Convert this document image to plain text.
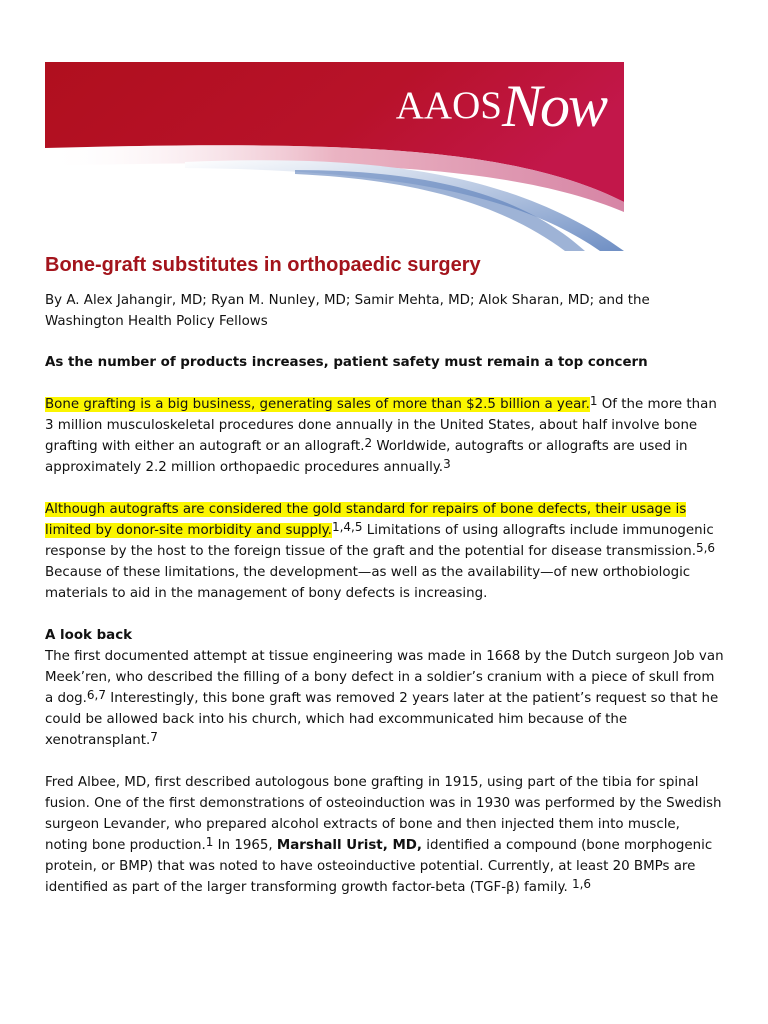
AAOSNow
Bone-graft substitutes in orthopaedic surgery

By A. Alex Jahangir, MD; Ryan M. Nunley, MD; Samir Mehta, MD; Alok Sharan, MD; and the Washington Health Policy Fellows

As the number of products increases, patient safety must remain a top concern

Bone grafting is a big business, generating sales of more than $2.5 billion a year.$^1$ Of the more than 3 million musculoskeletal procedures done annually in the United States, about half involve bone grafting with either an autograft or an allograft.$^2$ Worldwide, autografts or allografts are used in approximately 2.2 million orthopaedic procedures annually.$^3$

Although autografts are considered the gold standard for repairs of bone defects, their usage is limited by donor-site morbidity and supply.$^{1,4,5}$ Limitations of using allografts include immunogenic response by the host to the foreign tissue of the graft and the potential for disease transmission.$^{5,6}$ Because of these limitations, the development—as well as the availability—of new orthobiologic materials to aid in the management of bony defects is increasing.

A look back

The first documented attempt at tissue engineering was made in 1668 by the Dutch surgeon Job van Meek’ren, who described the filling of a bony defect in a soldier’s cranium with a piece of skull from a dog.$^{6,7}$ Interestingly, this bone graft was removed 2 years later at the patient’s request so that he could be allowed back into his church, which had excommunicated him because of the xenotransplant.$^7$

Fred Albee, MD, first described autologous bone grafting in 1915, using part of the tibia for spinal fusion. One of the first demonstrations of osteoinduction was in 1930 was performed by the Swedish surgeon Levander, who prepared alcohol extracts of bone and then injected them into muscle, noting bone production.$^1$ In 1965, Marshall Urist, MD, identified a compound (bone morphogenic protein, or BMP) that was noted to have osteoinductive potential. Currently, at least 20 BMPs are identified as part of the larger transforming growth factor-beta (TGF-β) family. $^{1,6}$
